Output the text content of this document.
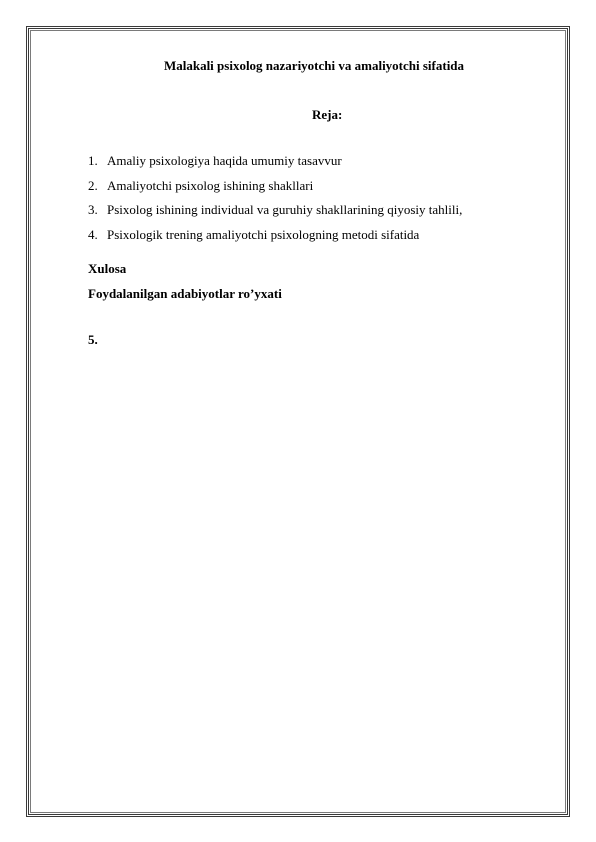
Malakali psixolog nazariyotchi va amaliyotchi sifatida
Reja:
1. Amaliy psixologiya haqida umumiy tasavvur
2. Amaliyotchi psixolog ishining shakllari
3. Psixolog ishining individual va guruhiy shakllarining qiyosiy tahlili,
4. Psixologik trening amaliyotchi psixologning metodi sifatida
Xulosa
Foydalanilgan adabiyotlar ro’yxati
5.
